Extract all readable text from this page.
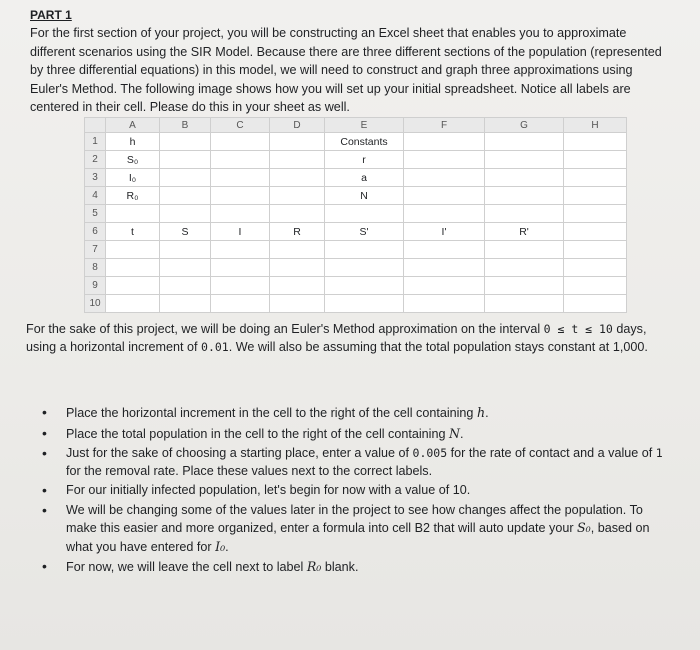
PART 1
For the first section of your project, you will be constructing an Excel sheet that enables you to approximate different scenarios using the SIR Model. Because there are three different sections of the population (represented by three differential equations) in this model, we will need to construct and graph three approximations using Euler's Method. The following image shows how you will set up your initial spreadsheet. Notice all labels are centered in their cell. Please do this in your sheet as well.
	A	B	C	D	E	F	G	H
1	h				Constants			
2	S₀				r			
3	I₀				a			
4	R₀				N			
5								
6	t	S	I	R	S'	I'	R'	
7								
8								
9								
10								
For the sake of this project, we will be doing an Euler's Method approximation on the interval 0 ≤ t ≤ 10 days, using a horizontal increment of 0.01. We will also be assuming that the total population stays constant at 1,000.
• Place the horizontal increment in the cell to the right of the cell containing h.
• Place the total population in the cell to the right of the cell containing N.
• Just for the sake of choosing a starting place, enter a value of 0.005 for the rate of contact and a value of 1 for the removal rate. Place these values next to the correct labels.
• For our initially infected population, let's begin for now with a value of 10.
• We will be changing some of the values later in the project to see how changes affect the population. To make this easier and more organized, enter a formula into cell B2 that will auto update your S₀, based on what you have entered for I₀.
• For now, we will leave the cell next to label R₀ blank.
